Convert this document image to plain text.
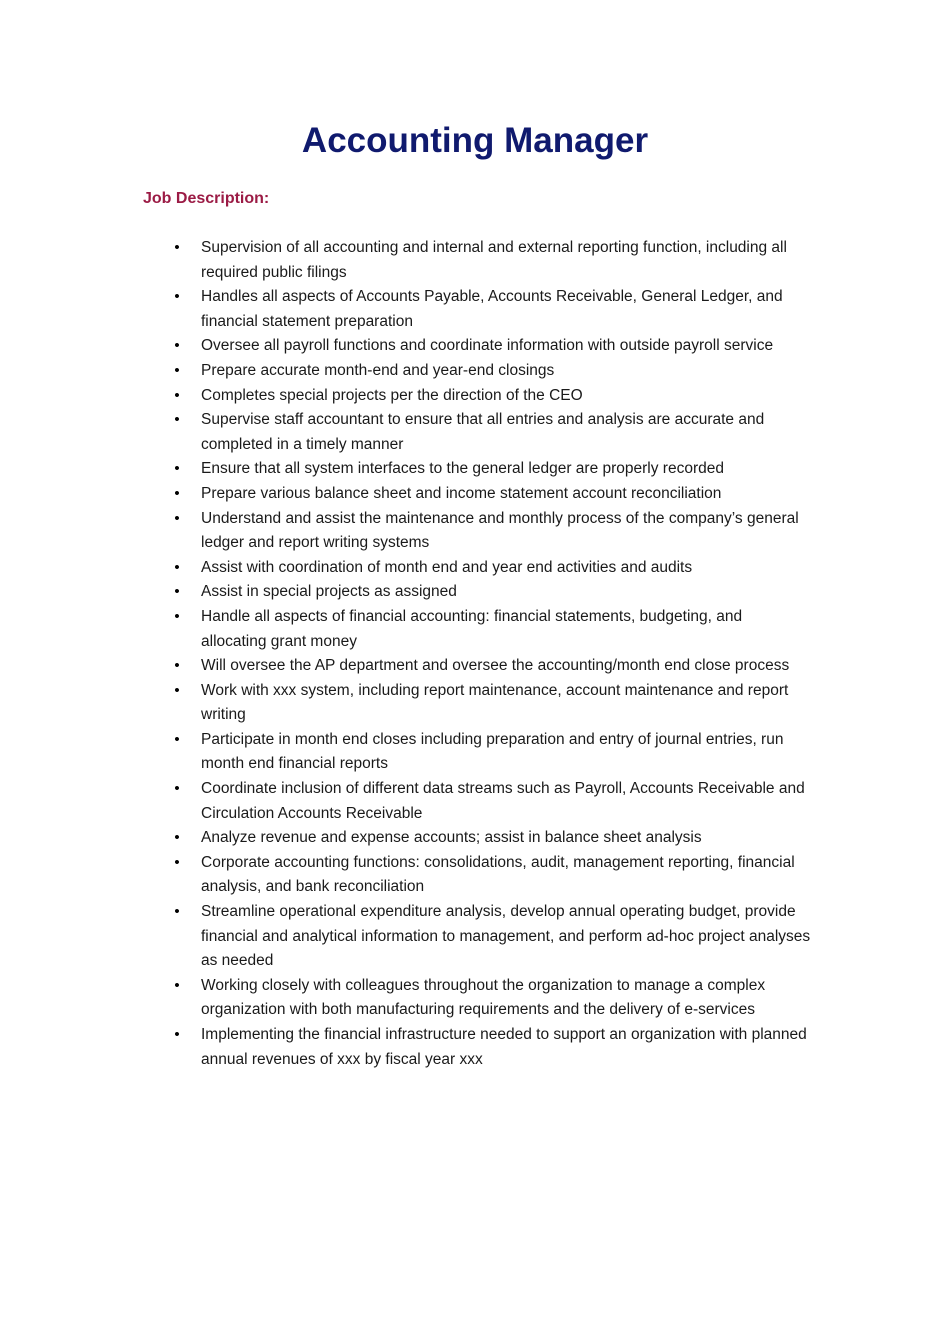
Accounting Manager
Job Description:
• Supervision of all accounting and internal and external reporting function, including all required public filings
• Handles all aspects of Accounts Payable, Accounts Receivable, General Ledger, and financial statement preparation
• Oversee all payroll functions and coordinate information with outside payroll service
• Prepare accurate month-end and year-end closings
• Completes special projects per the direction of the CEO
• Supervise staff accountant to ensure that all entries and analysis are accurate and completed in a timely manner
• Ensure that all system interfaces to the general ledger are properly recorded
• Prepare various balance sheet and income statement account reconciliation
• Understand and assist the maintenance and monthly process of the company’s general ledger and report writing systems
• Assist with coordination of month end and year end activities and audits
• Assist in special projects as assigned
• Handle all aspects of financial accounting: financial statements, budgeting, and allocating grant money
• Will oversee the AP department and oversee the accounting/month end close process
• Work with xxx system, including report maintenance, account maintenance and report writing
• Participate in month end closes including preparation and entry of journal entries, run month end financial reports
• Coordinate inclusion of different data streams such as Payroll, Accounts Receivable and Circulation Accounts Receivable
• Analyze revenue and expense accounts; assist in balance sheet analysis
• Corporate accounting functions: consolidations, audit, management reporting, financial analysis, and bank reconciliation
• Streamline operational expenditure analysis, develop annual operating budget, provide financial and analytical information to management, and perform ad-hoc project analyses as needed
• Working closely with colleagues throughout the organization to manage a complex organization with both manufacturing requirements and the delivery of e-services
• Implementing the financial infrastructure needed to support an organization with planned annual revenues of xxx by fiscal year xxx
